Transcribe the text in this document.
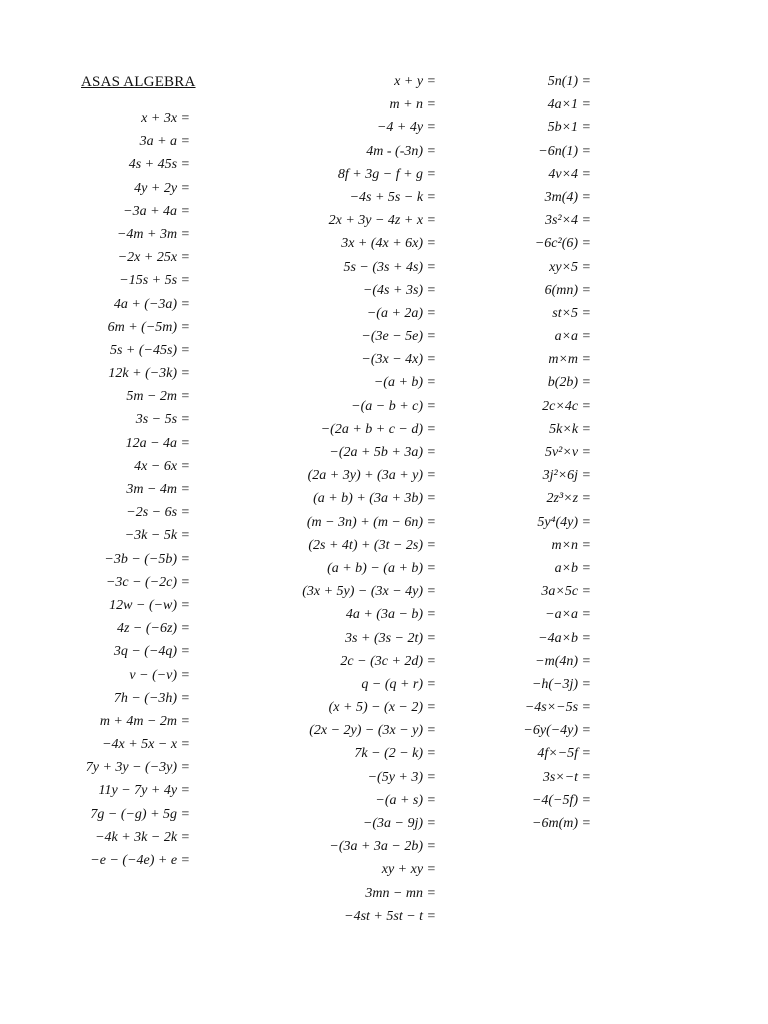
ASAS ALGEBRA
x + 3x =
3a + a =
4s + 45s =
4y + 2y =
−3a + 4a =
−4m + 3m =
−2x + 25x =
−15s + 5s =
4a + (−3a) =
6m + (−5m) =
5s + (−45s) =
12k + (−3k) =
5m − 2m =
3s − 5s =
12a − 4a =
4x − 6x =
3m − 4m =
−2s − 6s =
−3k − 5k =
−3b − (−5b) =
−3c − (−2c) =
12w − (−w) =
4z − (−6z) =
3q − (−4q) =
v − (−v) =
7h − (−3h) =
m + 4m − 2m =
−4x + 5x − x =
7y + 3y − (−3y) =
11y − 7y + 4y =
7g − (−g) + 5g =
−4k + 3k − 2k =
−e − (−4e) + e =
x + y =
m + n =
−4 + 4y =
4m - (-3n) =
8f + 3g − f + g =
−4s + 5s − k =
2x + 3y − 4z + x =
3x + (4x + 6x) =
5s − (3s + 4s) =
−(4s + 3s) =
−(a + 2a) =
−(3e − 5e) =
−(3x − 4x) =
−(a + b) =
−(a − b + c) =
−(2a + b + c − d) =
−(2a + 5b + 3a) =
(2a + 3y) + (3a + y) =
(a + b) + (3a + 3b) =
(m − 3n) + (m − 6n) =
(2s + 4t) + (3t − 2s) =
(a + b) − (a + b) =
(3x + 5y) − (3x − 4y) =
4a + (3a − b) =
3s + (3s − 2t) =
2c − (3c + 2d) =
q − (q + r) =
(x + 5) − (x − 2) =
(2x − 2y) − (3x − y) =
7k − (2 − k) =
−(5y + 3) =
−(a + s) =
−(3a − 9j) =
−(3a + 3a − 2b) =
xy + xy =
3mn − mn =
−4st + 5st − t =
5n(1) =
4a×1 =
5b×1 =
−6n(1) =
4v×4 =
3m(4) =
3s²×4 =
−6c²(6) =
xy×5 =
6(mn) =
st×5 =
a×a =
m×m =
b(2b) =
2c×4c =
5k×k =
5v²×v =
3j²×6j =
2z³×z =
5y⁴(4y) =
m×n =
a×b =
3a×5c =
−a×a =
−4a×b =
−m(4n) =
−h(−3j) =
−4s×−5s =
−6y(−4y) =
4f×−5f =
3s×−t =
−4(−5f) =
−6m(m) =
